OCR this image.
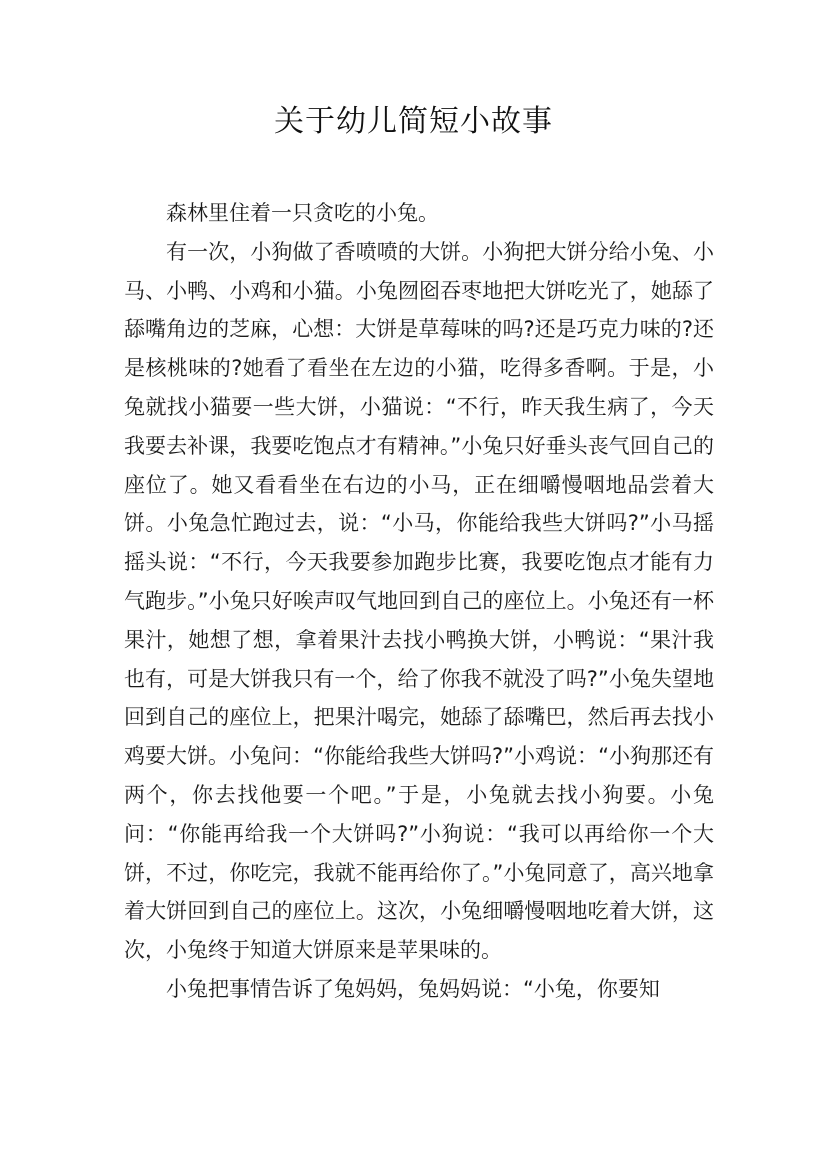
关于幼儿简短小故事

森林里住着一只贪吃的小兔。

有一次，小狗做了香喷喷的大饼。小狗把大饼分给小兔、小马、小鸭、小鸡和小猫。小兔囫囵吞枣地把大饼吃光了，她舔了舔嘴角边的芝麻，心想：大饼是草莓味的吗?还是巧克力味的?还是核桃味的?她看了看坐在左边的小猫，吃得多香啊。于是，小兔就找小猫要一些大饼，小猫说：“不行，昨天我生病了，今天我要去补课，我要吃饱点才有精神。”小兔只好垂头丧气回自己的座位了。她又看看坐在右边的小马，正在细嚼慢咽地品尝着大饼。小兔急忙跑过去，说：“小马，你能给我些大饼吗?”小马摇摇头说：“不行，今天我要参加跑步比赛，我要吃饱点才能有力气跑步。”小兔只好唉声叹气地回到自己的座位上。小兔还有一杯果汁，她想了想，拿着果汁去找小鸭换大饼，小鸭说：“果汁我也有，可是大饼我只有一个，给了你我不就没了吗?”小兔失望地回到自己的座位上，把果汁喝完，她舔了舔嘴巴，然后再去找小鸡要大饼。小兔问：“你能给我些大饼吗?”小鸡说：“小狗那还有两个，你去找他要一个吧。”于是，小兔就去找小狗要。小兔问：“你能再给我一个大饼吗?”小狗说：“我可以再给你一个大饼，不过，你吃完，我就不能再给你了。”小兔同意了，高兴地拿着大饼回到自己的座位上。这次，小兔细嚼慢咽地吃着大饼，这次，小兔终于知道大饼原来是苹果味的。

小兔把事情告诉了兔妈妈，兔妈妈说：“小兔，你要知
